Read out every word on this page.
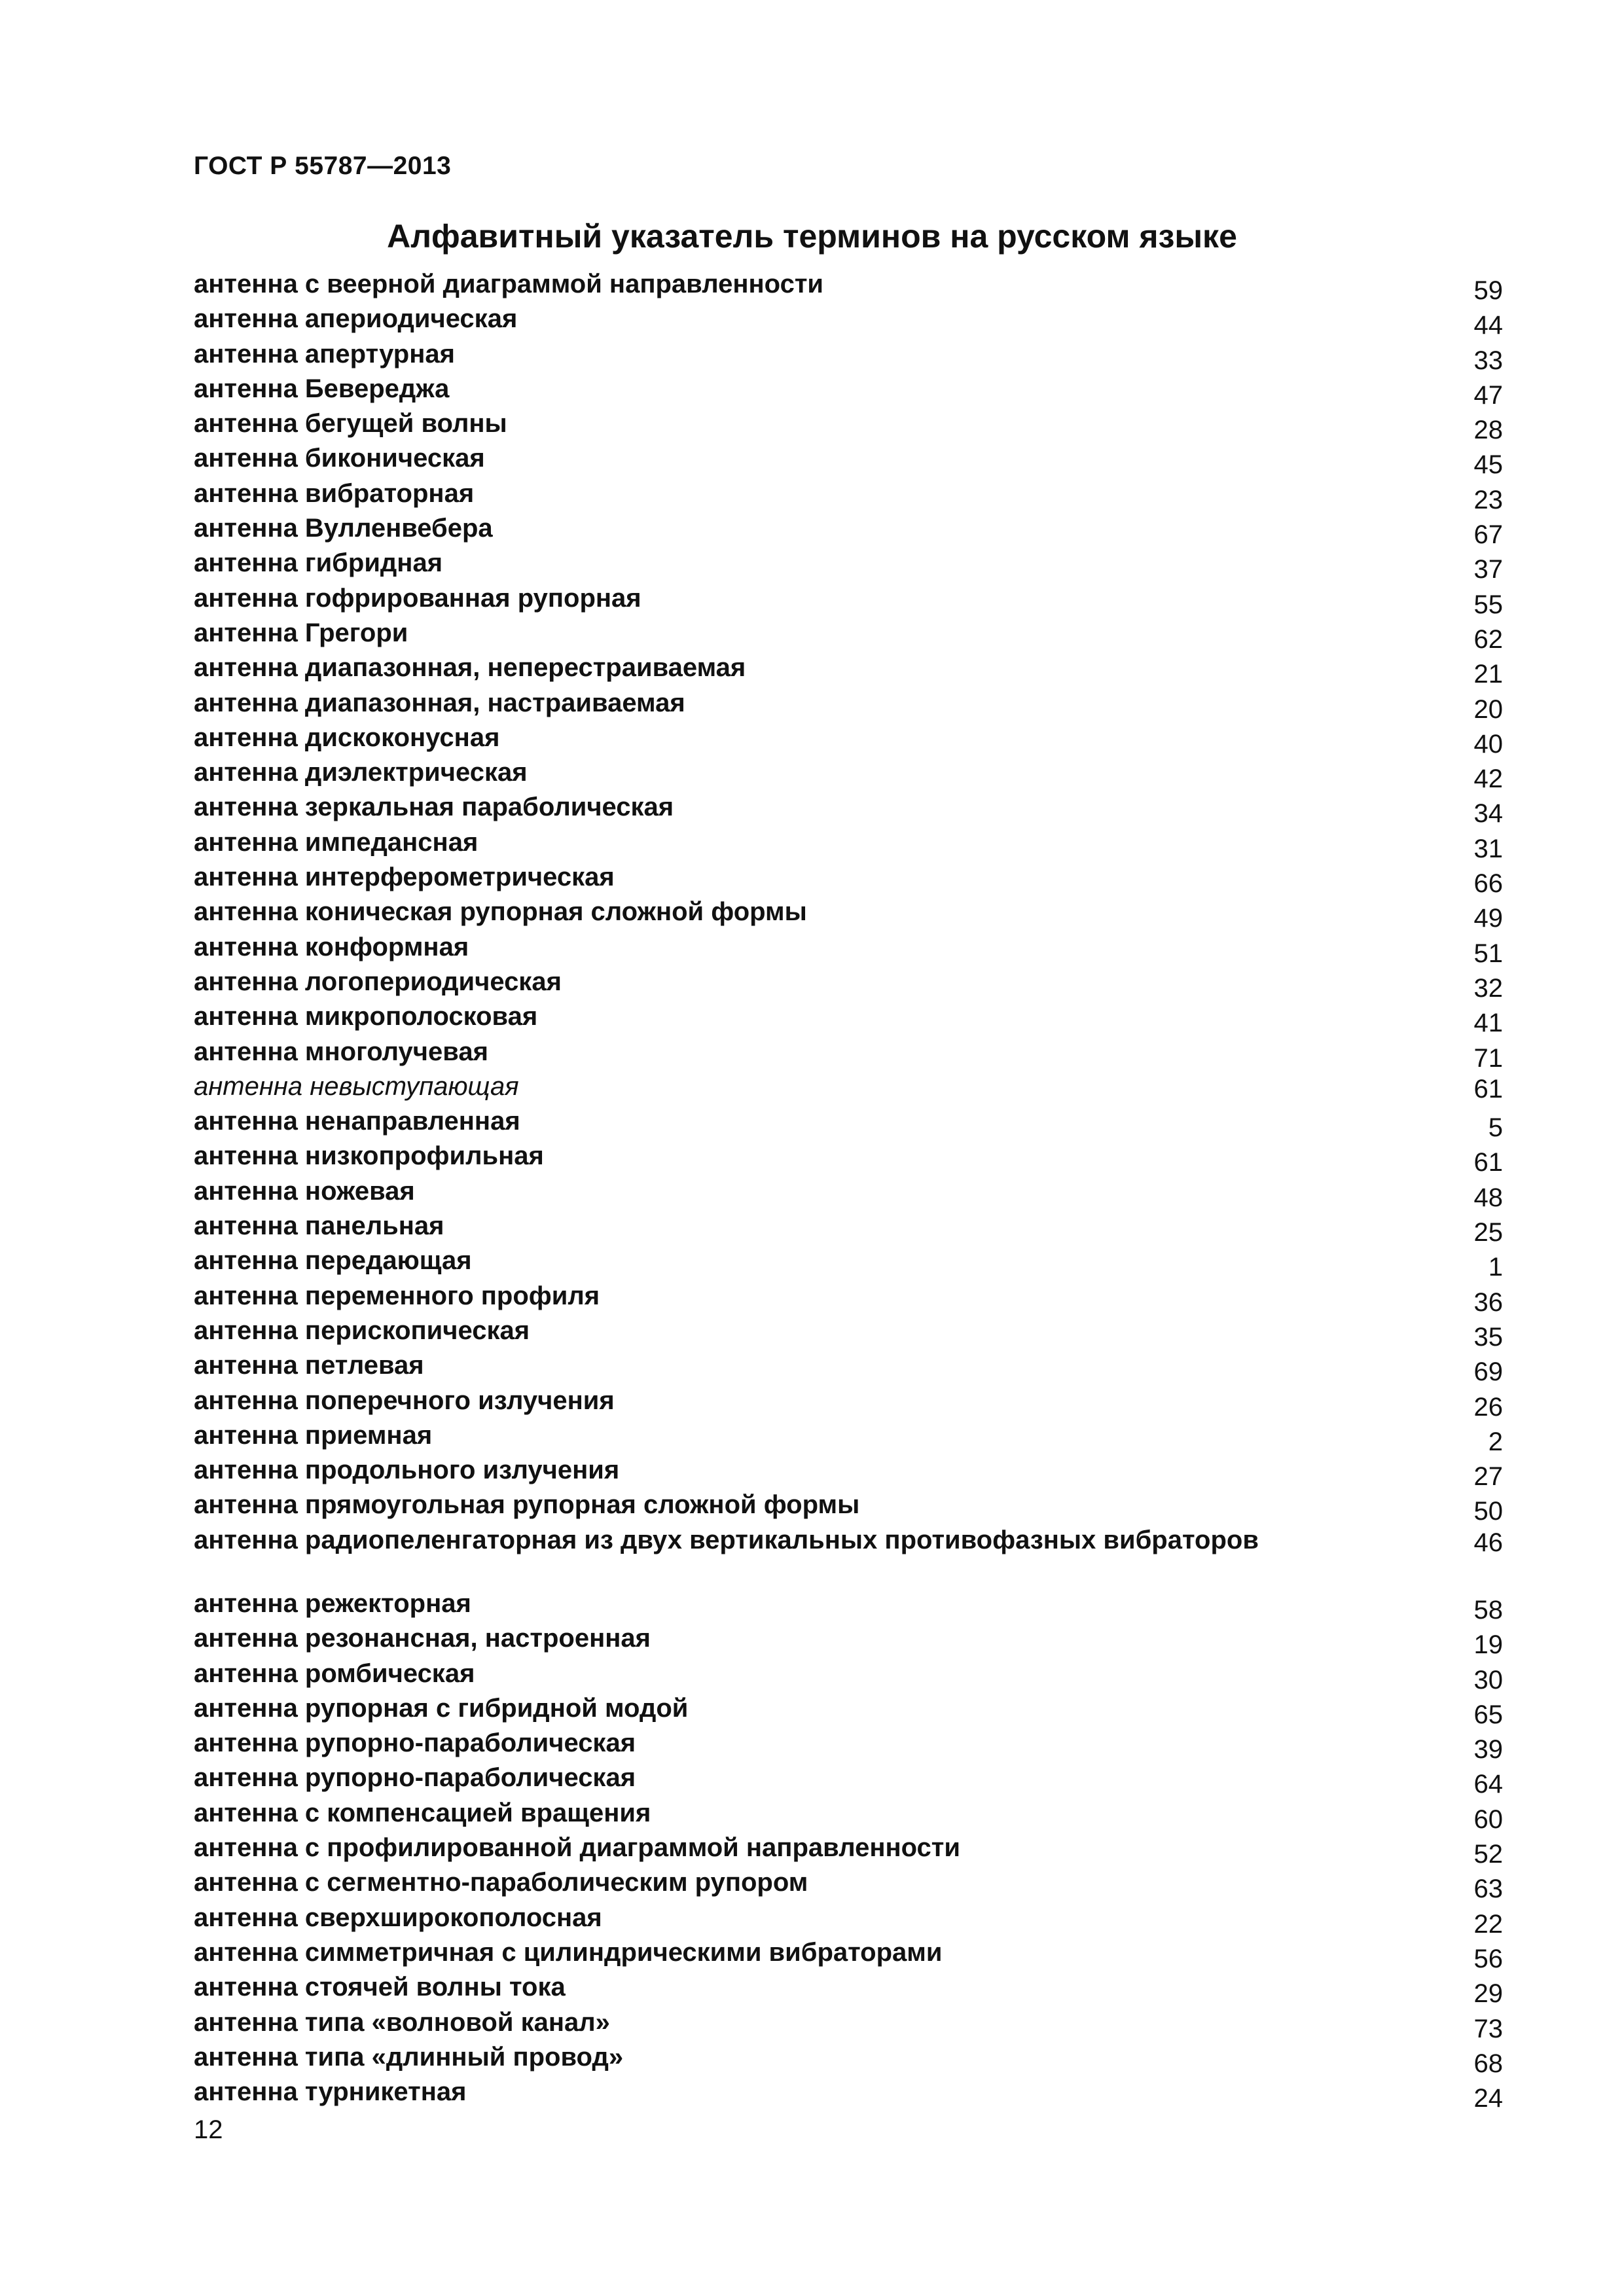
ГОСТ Р 55787—2013
Алфавитный указатель терминов на русском языке
антенна с веерной диаграммой направленности	59
антенна апериодическая	44
антенна апертурная	33
антенна Бевереджа	47
антенна бегущей волны	28
антенна биконическая	45
антенна вибраторная	23
антенна Вулленвебера	67
антенна гибридная	37
антенна гофрированная рупорная	55
антенна Грегори	62
антенна диапазонная, неперестраиваемая	21
антенна диапазонная, настраиваемая	20
антенна дискоконусная	40
антенна диэлектрическая	42
антенна зеркальная параболическая	34
антенна импедансная	31
антенна интерферометрическая	66
антенна коническая рупорная сложной формы	49
антенна конформная	51
антенна логопериодическая	32
антенна микрополосковая	41
антенна многолучевая	71
антенна невыступающая	61
антенна ненаправленная	5
антенна низкопрофильная	61
антенна ножевая	48
антенна панельная	25
антенна передающая	1
антенна переменного профиля	36
антенна перископическая	35
антенна петлевая	69
антенна поперечного излучения	26
антенна приемная	2
антенна продольного излучения	27
антенна прямоугольная рупорная сложной формы	50
антенна радиопеленгаторная из двух вертикальных противофазных вибраторов	46
антенна режекторная	58
антенна резонансная, настроенная	19
антенна ромбическая	30
антенна рупорная с гибридной модой	65
антенна рупорно-параболическая	39
антенна рупорно-параболическая	64
антенна с компенсацией вращения	60
антенна с профилированной диаграммой направленности	52
антенна с сегментно-параболическим рупором	63
антенна сверхширокополосная	22
антенна симметричная с цилиндрическими вибраторами	56
антенна стоячей волны тока	29
антенна типа «волновой канал»	73
антенна типа «длинный провод»	68
антенна турникетная	24
12
